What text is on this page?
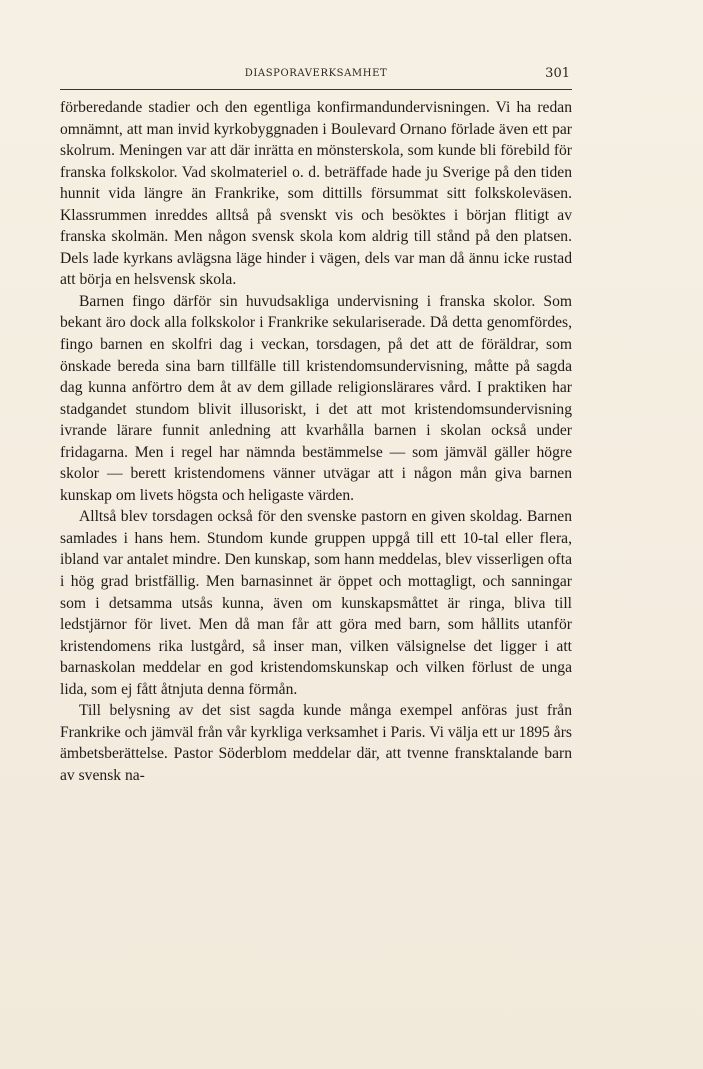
DIASPORAVERKSAMHET	301

förberedande stadier och den egentliga konfirmandundervisningen. Vi ha redan omnämnt, att man invid kyrkobyggnaden i Boulevard Ornano förlade även ett par skolrum. Meningen var att där inrätta en mönsterskola, som kunde bli förebild för franska folkskolor. Vad skolmateriel o. d. beträffade hade ju Sverige på den tiden hunnit vida längre än Frankrike, som dittills försummat sitt folkskoleväsen. Klassrummen inreddes alltså på svenskt vis och besöktes i början flitigt av franska skolmän. Men någon svensk skola kom aldrig till stånd på den platsen. Dels lade kyrkans avlägsna läge hinder i vägen, dels var man då ännu icke rustad att börja en helsvensk skola.

Barnen fingo därför sin huvudsakliga undervisning i franska skolor. Som bekant äro dock alla folkskolor i Frankrike sekulariserade. Då detta genomfördes, fingo barnen en skolfri dag i veckan, torsdagen, på det att de föräldrar, som önskade bereda sina barn tillfälle till kristendomsundervisning, måtte på sagda dag kunna anförtro dem åt av dem gillade religionslärares vård. I praktiken har stadgandet stundom blivit illusoriskt, i det att mot kristendomsundervisning ivrande lärare funnit anledning att kvarhålla barnen i skolan också under fridagarna. Men i regel har nämnda bestämmelse — som jämväl gäller högre skolor — berett kristendomens vänner utvägar att i någon mån giva barnen kunskap om livets högsta och heligaste värden.

Alltså blev torsdagen också för den svenske pastorn en given skoldag. Barnen samlades i hans hem. Stundom kunde gruppen uppgå till ett 10-tal eller flera, ibland var antalet mindre. Den kunskap, som hann meddelas, blev visserligen ofta i hög grad bristfällig. Men barnasinnet är öppet och mottagligt, och sanningar som i detsamma utsås kunna, även om kunskapsmåttet är ringa, bliva till ledstjärnor för livet. Men då man får att göra med barn, som hållits utanför kristendomens rika lustgård, så inser man, vilken välsignelse det ligger i att barnaskolan meddelar en god kristendomskunskap och vilken förlust de unga lida, som ej fått åtnjuta denna förmån.

Till belysning av det sist sagda kunde många exempel anföras just från Frankrike och jämväl från vår kyrkliga verksamhet i Paris. Vi välja ett ur 1895 års ämbetsberättelse. Pastor Söderblom meddelar där, att tvenne fransktalande barn av svensk na-
